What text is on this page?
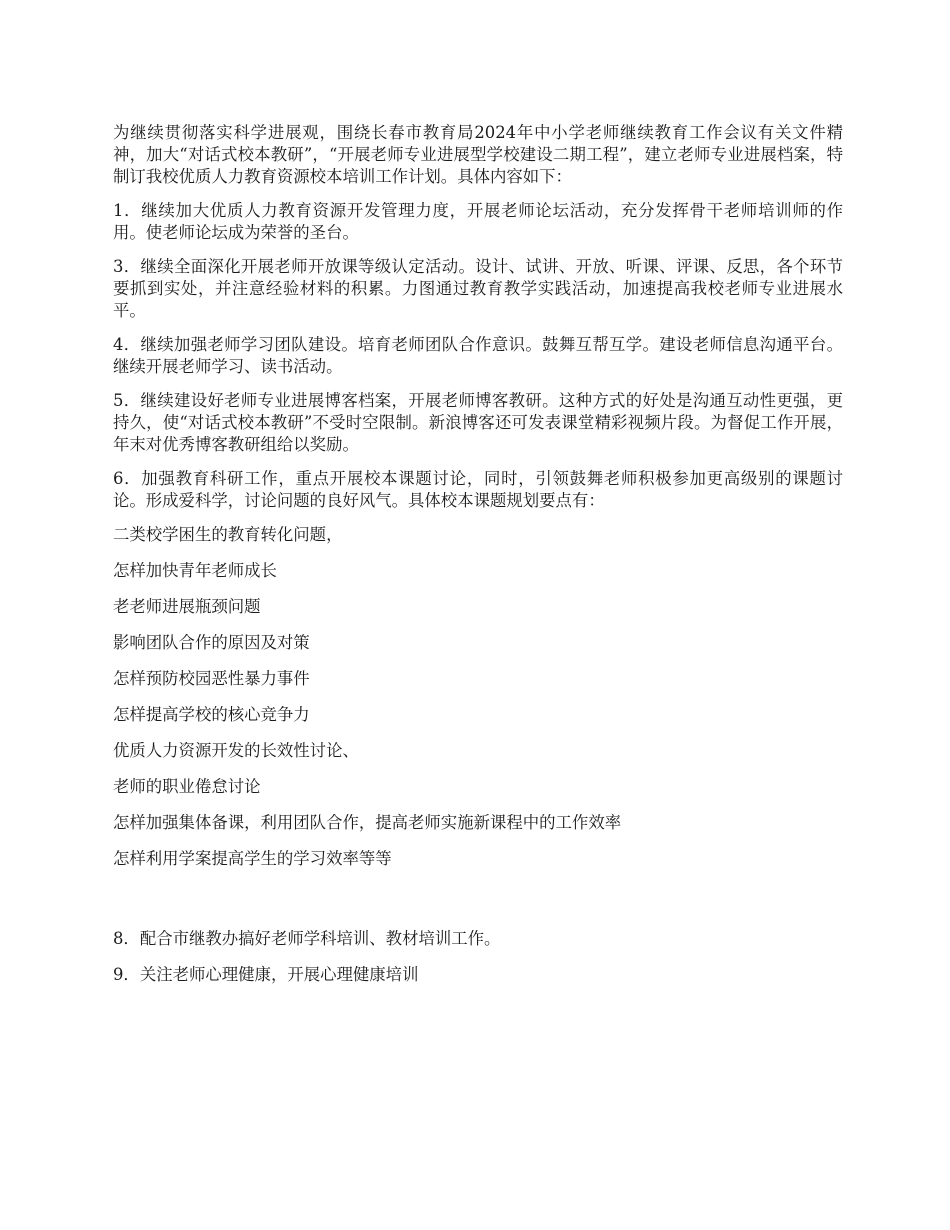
为继续贯彻落实科学进展观，围绕长春市教育局2024年中小学老师继续教育工作会议有关文件精神，加大“对话式校本教研”，“开展老师专业进展型学校建设二期工程”，建立老师专业进展档案，特制订我校优质人力教育资源校本培训工作计划。具体内容如下：

1．继续加大优质人力教育资源开发管理力度，开展老师论坛活动，充分发挥骨干老师培训师的作用。使老师论坛成为荣誉的圣台。

3．继续全面深化开展老师开放课等级认定活动。设计、试讲、开放、听课、评课、反思，各个环节要抓到实处，并注意经验材料的积累。力图通过教育教学实践活动，加速提高我校老师专业进展水平。

4．继续加强老师学习团队建设。培育老师团队合作意识。鼓舞互帮互学。建设老师信息沟通平台。继续开展老师学习、读书活动。

5．继续建设好老师专业进展博客档案，开展老师博客教研。这种方式的好处是沟通互动性更强，更持久，使“对话式校本教研”不受时空限制。新浪博客还可发表课堂精彩视频片段。为督促工作开展，年末对优秀博客教研组给以奖励。

6．加强教育科研工作，重点开展校本课题讨论，同时，引领鼓舞老师积极参加更高级别的课题讨论。形成爱科学，讨论问题的良好风气。具体校本课题规划要点有：

二类校学困生的教育转化问题，
怎样加快青年老师成长
老老师进展瓶颈问题
影响团队合作的原因及对策
怎样预防校园恶性暴力事件
怎样提高学校的核心竞争力
优质人力资源开发的长效性讨论、
老师的职业倦怠讨论
怎样加强集体备课，利用团队合作，提高老师实施新课程中的工作效率
怎样利用学案提高学生的学习效率等等

8．配合市继教办搞好老师学科培训、教材培训工作。

9．关注老师心理健康，开展心理健康培训
